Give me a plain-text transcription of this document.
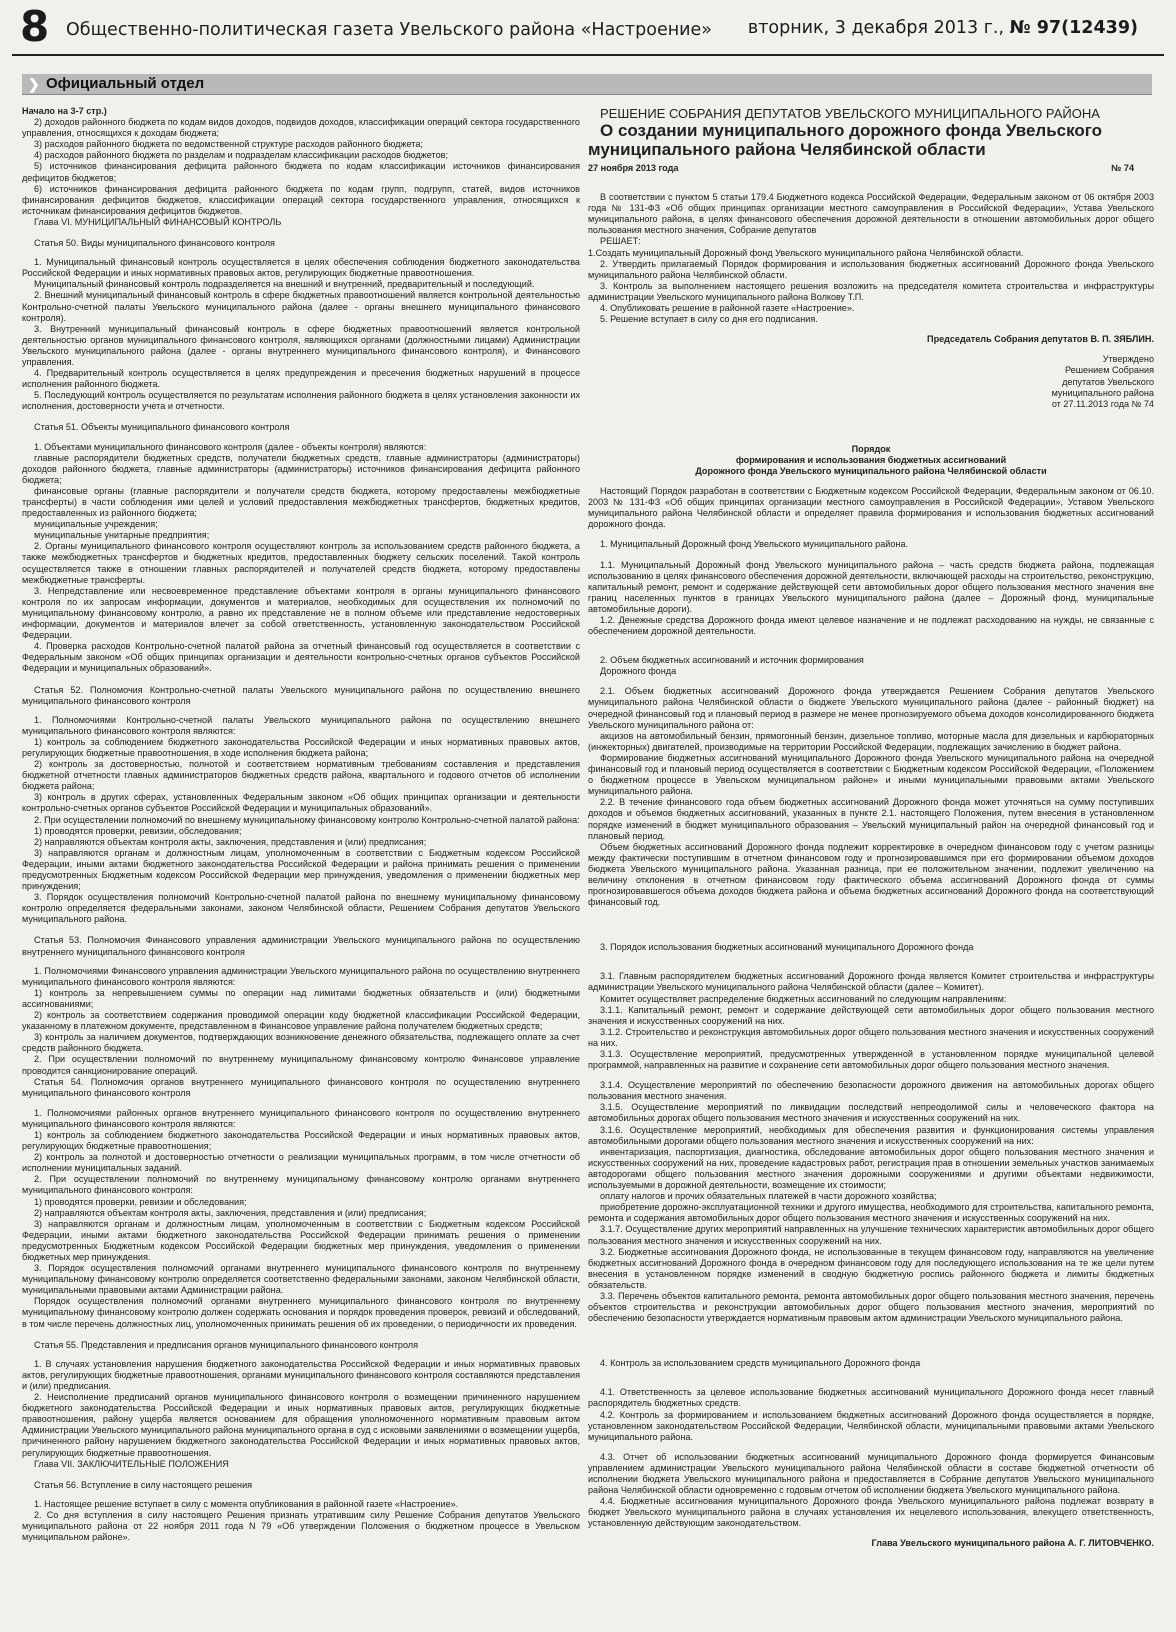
8 Общественно-политическая газета Увельского района «Настроение» вторник, 3 декабря 2013 г., № 97(12439)
❯ Официальный отдел

Начало на 3-7 стр.)

2) доходов районного бюджета по кодам видов доходов, подвидов доходов, классификации операций сектора государственного управления, относящихся к доходам бюджета;

3) расходов районного бюджета по ведомственной структуре расходов районного бюджета;

4) расходов районного бюджета по разделам и подразделам классификации расходов бюджетов;

5) источников финансирования дефицита районного бюджета по кодам классификации источников финансирования дефицитов бюджетов;

6) источников финансирования дефицита районного бюджета по кодам групп, подгрупп, статей, видов источников финансирования дефицитов бюджетов, классификации операций сектора государственного управления, относящихся к источникам финансирования дефицитов бюджетов.

Глава VI. МУНИЦИПАЛЬНЫЙ ФИНАНСОВЫЙ КОНТРОЛЬ

Статья 50. Виды муниципального финансового контроля

1. Муниципальный финансовый контроль осуществляется в целях обеспечения соблюдения бюджетного законодательства Российской Федерации и иных нормативных правовых актов, регулирующих бюджетные правоотношения.

Муниципальный финансовый контроль подразделяется на внешний и внутренний, предварительный и последующий.

2. Внешний муниципальный финансовый контроль в сфере бюджетных правоотношений является контрольной деятельностью Контрольно-счетной палаты Увельского муниципального района (далее - органы внешнего муниципального финансового контроля).

3. Внутренний муниципальный финансовый контроль в сфере бюджетных правоотношений является контрольной деятельностью органов муниципального финансового контроля, являющихся органами (должностными лицами) Администрации Увельского муниципального района (далее - органы внутреннего муниципального финансового контроля), и Финансового управления.

4. Предварительный контроль осуществляется в целях предупреждения и пресечения бюджетных нарушений в процессе исполнения районного бюджета.

5. Последующий контроль осуществляется по результатам исполнения районного бюджета в целях установления законности их исполнения, достоверности учета и отчетности.

Статья 51. Объекты муниципального финансового контроля

1. Объектами муниципального финансового контроля (далее - объекты контроля) являются:

главные распорядители бюджетных средств, получатели бюджетных средств, главные администраторы (администраторы) доходов районного бюджета, главные администраторы (администраторы) источников финансирования дефицита районного бюджета;

финансовые органы (главные распорядители и получатели средств бюджета, которому предоставлены межбюджетные трансферты) в части соблюдения ими целей и условий предоставления межбюджетных трансфертов, бюджетных кредитов, предоставленных из районного бюджета;

муниципальные учреждения;

муниципальные унитарные предприятия;

2. Органы муниципального финансового контроля осуществляют контроль за использованием средств районного бюджета, а также межбюджетных трансфертов и бюджетных кредитов, предоставленных бюджету сельских поселений. Такой контроль осуществляется также в отношении главных распорядителей и получателей средств бюджета, которому предоставлены межбюджетные трансферты.

3. Непредставление или несвоевременное представление объектами контроля в органы муниципального финансового контроля по их запросам информации, документов и материалов, необходимых для осуществления их полномочий по муниципальному финансовому контролю, а равно их представление не в полном объеме или представление недостоверных информации, документов и материалов влечет за собой ответственность, установленную законодательством Российской Федерации.

4. Проверка расходов Контрольно-счетной палатой района за отчетный финансовый год осуществляется в соответствии с Федеральным законом «Об общих принципах организации и деятельности контрольно-счетных органов субъектов Российской Федерации и муниципальных образований».

Статья 52. Полномочия Контрольно-счетной палаты Увельского муниципального района по осуществлению внешнего муниципального финансового контроля

1. Полномочиями Контрольно-счетной палаты Увельского муниципального района по осуществлению внешнего муниципального финансового контроля являются:

1) контроль за соблюдением бюджетного законодательства Российской Федерации и иных нормативных правовых актов, регулирующих бюджетные правоотношения, в ходе исполнения бюджета района;

2) контроль за достоверностью, полнотой и соответствием нормативным требованиям составления и представления бюджетной отчетности главных администраторов бюджетных средств района, квартального и годового отчетов об исполнении бюджета района;

3) контроль в других сферах, установленных Федеральным законом «Об общих принципах организации и деятельности контрольно-счетных органов субъектов Российской Федерации и муниципальных образований».

2. При осуществлении полномочий по внешнему муниципальному финансовому контролю Контрольно-счетной палатой района:

1) проводятся проверки, ревизии, обследования;

2) направляются объектам контроля акты, заключения, представления и (или) предписания;

3) направляются органам и должностным лицам, уполномоченным в соответствии с Бюджетным кодексом Российской Федерации, иными актами бюджетного законодательства Российской Федерации и района принимать решения о применении предусмотренных Бюджетным кодексом Российской Федерации мер принуждения, уведомления о применении бюджетных мер принуждения;

3. Порядок осуществления полномочий Контрольно-счетной палатой района по внешнему муниципальному финансовому контролю определяется федеральными законами, законом Челябинской области, Решением Собрания депутатов Увельского муниципального района.

Статья 53. Полномочия Финансового управления администрации Увельского муниципального района по осуществлению внутреннего муниципального финансового контроля

1. Полномочиями Финансового управления администрации Увельского муниципального района по осуществлению внутреннего муниципального финансового контроля являются:

1) контроль за непревышением суммы по операции над лимитами бюджетных обязательств и (или) бюджетными ассигнованиями;

2) контроль за соответствием содержания проводимой операции коду бюджетной классификации Российской Федерации, указанному в платежном документе, представленном в Финансовое управление района получателем бюджетных средств;

3) контроль за наличием документов, подтверждающих возникновение денежного обязательства, подлежащего оплате за счет средств районного бюджета.

2. При осуществлении полномочий по внутреннему муниципальному финансовому контролю Финансовое управление проводится санкционирование операций.

Статья 54. Полномочия органов внутреннего муниципального финансового контроля по осуществлению внутреннего муниципального финансового контроля

1. Полномочиями районных органов внутреннего муниципального финансового контроля по осуществлению внутреннего муниципального финансового контроля являются:

1) контроль за соблюдением бюджетного законодательства Российской Федерации и иных нормативных правовых актов, регулирующих бюджетные правоотношения;

2) контроль за полнотой и достоверностью отчетности о реализации муниципальных программ, в том числе отчетности об исполнении муниципальных заданий.

2. При осуществлении полномочий по внутреннему муниципальному финансовому контролю органами внутреннего муниципального финансового контроля:

1) проводятся проверки, ревизии и обследования;

2) направляются объектам контроля акты, заключения, представления и (или) предписания;

3) направляются органам и должностным лицам, уполномоченным в соответствии с Бюджетным кодексом Российской Федерации, иными актами бюджетного законодательства Российской Федерации принимать решения о применении предусмотренных Бюджетным кодексом Российской Федерации бюджетных мер принуждения, уведомления о применении бюджетных мер принуждения.

3. Порядок осуществления полномочий органами внутреннего муниципального финансового контроля по внутреннему муниципальному финансовому контролю определяется соответственно федеральными законами, законом Челябинской области, муниципальными правовыми актами Администрации района.

Порядок осуществления полномочий органами внутреннего муниципального финансового контроля по внутреннему муниципальному финансовому контролю должен содержать основания и порядок проведения проверок, ревизий и обследований, в том числе перечень должностных лиц, уполномоченных принимать решения об их проведении, о периодичности их проведения.

Статья 55. Представления и предписания органов муниципального финансового контроля

1. В случаях установления нарушения бюджетного законодательства Российской Федерации и иных нормативных правовых актов, регулирующих бюджетные правоотношения, органами муниципального финансового контроля составляются представления и (или) предписания.

2. Неисполнение предписаний органов муниципального финансового контроля о возмещении причиненного нарушением бюджетного законодательства Российской Федерации и иных нормативных правовых актов, регулирующих бюджетные правоотношения, району ущерба является основанием для обращения уполномоченного нормативным правовым актом Администрации Увельского муниципального района муниципального органа в суд с исковыми заявлениями о возмещении ущерба, причиненного району нарушением бюджетного законодательства Российской Федерации и иных нормативных правовых актов, регулирующих бюджетные правоотношения.

Глава VII. ЗАКЛЮЧИТЕЛЬНЫЕ ПОЛОЖЕНИЯ

Статья 56. Вступление в силу настоящего решения

1. Настоящее решение вступает в силу с момента опубликования в районной газете «Настроение».

2. Со дня вступления в силу настоящего Решения признать утратившим силу Решение Собрания депутатов Увельского муниципального района от 22 ноября 2011 года N 79 «Об утверждении Положения о бюджетном процессе в Увельском муниципальном районе».

РЕШЕНИЕ СОБРАНИЯ ДЕПУТАТОВ УВЕЛЬСКОГО МУНИЦИПАЛЬНОГО РАЙОНА

О создании муниципального дорожного фонда Увельского муниципального района Челябинской области

27 ноября 2013 года	№ 74

В соответствии с пунктом 5 статьи 179.4 Бюджетного кодекса Российской Федерации, Федеральным законом от 06 октября 2003 года № 131-ФЗ «Об общих принципах организации местного самоуправления в Российской Федерации», Устава Увельского муниципального района, в целях финансового обеспечения дорожной деятельности в отношении автомобильных дорог общего пользования местного значения, Собрание депутатов

РЕШАЕТ:

1.Создать муниципальный Дорожный фонд Увельского муниципального района Челябинской области.

2. Утвердить прилагаемый Порядок формирования и использования бюджетных ассигнований Дорожного фонда Увельского муниципального района Челябинской области.

3. Контроль за выполнением настоящего решения возложить на председателя комитета строительства и инфраструктуры администрации Увельского муниципального района Волкову Т.П.

4. Опубликовать решение в районной газете «Настроение».

5. Решение вступает в силу со дня его подписания.

Председатель Собрания депутатов В. П. ЗЯБЛИН.

Утверждено

Решением Собрания

депутатов Увельского

муниципального района

от 27.11.2013 года № 74

Порядок

формирования и использования бюджетных ассигнований

Дорожного фонда Увельского муниципального района Челябинской области

Настоящий Порядок разработан в соответствии с Бюджетным кодексом Российской Федерации, Федеральным законом от 06.10. 2003 № 131-ФЗ «Об общих принципах организации местного самоуправления в Российской Федерации», Уставом Увельского муниципального района Челябинской области и определяет правила формирования и использования бюджетных ассигнований дорожного фонда.

1. Муниципальный Дорожный фонд Увельского муниципального района.

1.1. Муниципальный Дорожный фонд Увельского муниципального района – часть средств бюджета района, подлежащая использованию в целях финансового обеспечения дорожной деятельности, включающей расходы на строительство, реконструкцию, капитальный ремонт, ремонт и содержание действующей сети автомобильных дорог общего пользования местного значения вне границ населенных пунктов в границах Увельского муниципального района (далее – Дорожный фонд, муниципальные автомобильные дороги).

1.2. Денежные средства Дорожного фонда имеют целевое назначение и не подлежат расходованию на нужды, не связанные с обеспечением дорожной деятельности.

2. Объем бюджетных ассигнований и источник формирования

Дорожного фонда

2.1. Объем бюджетных ассигнований Дорожного фонда утверждается Решением Собрания депутатов Увельского муниципального района Челябинской области о бюджете Увельского муниципального района (далее - районный бюджет) на очередной финансовый год и плановый период в размере не менее прогнозируемого объема доходов консолидированного бюджета Увельского муниципального района от:

акцизов на автомобильный бензин, прямогонный бензин, дизельное топливо, моторные масла для дизельных и карбюраторных (инжекторных) двигателей, производимые на территории Российской Федерации, подлежащих зачислению в бюджет района.

Формирование бюджетных ассигнований муниципального Дорожного фонда Увельского муниципального района на очередной финансовый год и плановый период осуществляется в соответствии с Бюджетным кодексом Российской Федерации, «Положением о бюджетном процессе в Увельском муниципальном районе» и иными муниципальными правовыми актами Увельского муниципального района.

2.2. В течение финансового года объем бюджетных ассигнований Дорожного фонда может уточняться на сумму поступивших доходов и объемов бюджетных ассигнований, указанных в пункте 2.1. настоящего Положения, путем внесения в установленном порядке изменений в бюджет муниципального образования – Увельский муниципальный район на очередной финансовый год и плановый период.

Объем бюджетных ассигнований Дорожного фонда подлежит корректировке в очередном финансовом году с учетом разницы между фактически поступившим в отчетном финансовом году и прогнозировавшимся при его формировании объемом доходов бюджета Увельского муниципального района. Указанная разница, при ее положительном значении, подлежит увеличению на величину отклонения в отчетном финансовом году фактического объема ассигнований Дорожного фонда от суммы прогнозировавшегося объема доходов бюджета района и объема бюджетных ассигнований Дорожного фонда на соответствующий финансовый год.

3. Порядок использования бюджетных ассигнований муниципального Дорожного фонда

3.1. Главным распорядителем бюджетных ассигнований Дорожного фонда является Комитет строительства и инфраструктуры администрации Увельского муниципального района Челябинской области (далее – Комитет).

Комитет осуществляет распределение бюджетных ассигнований по следующим направлениям:

3.1.1. Капитальный ремонт, ремонт и содержание действующей сети автомобильных дорог общего пользования местного значения и искусственных сооружений на них.

3.1.2. Строительство и реконструкция автомобильных дорог общего пользования местного значения и искусственных сооружений на них.

3.1.3. Осуществление мероприятий, предусмотренных утвержденной в установленном порядке муниципальной целевой программой, направленных на развитие и сохранение сети автомобильных дорог общего пользования местного значения.

3.1.4. Осуществление мероприятий по обеспечению безопасности дорожного движения на автомобильных дорогах общего пользования местного значения.

3.1.5. Осуществление мероприятий по ликвидации последствий непреодолимой силы и человеческого фактора на автомобильных дорогах общего пользования местного значения и искусственных сооружений на них.

3.1.6. Осуществление мероприятий, необходимых для обеспечения развития и функционирования системы управления автомобильными дорогами общего пользования местного значения и искусственных сооружений на них:

инвентаризация, паспортизация, диагностика, обследование автомобильных дорог общего пользования местного значения и искусственных сооружений на них, проведение кадастровых работ, регистрация прав в отношении земельных участков занимаемых автодорогами общего пользования местного значения дорожными сооружениями и другими объектами недвижимости, используемыми в дорожной деятельности, возмещение их стоимости;

оплату налогов и прочих обязательных платежей в части дорожного хозяйства;

приобретение дорожно-эксплуатационной техники и другого имущества, необходимого для строительства, капитального ремонта, ремонта и содержания автомобильных дорог общего пользования местного значения и искусственных сооружений на них.

3.1.7. Осуществление других мероприятий направленных на улучшение технических характеристик автомобильных дорог общего пользования местного значения и искусственных сооружений на них.

3.2. Бюджетные ассигнования Дорожного фонда, не использованные в текущем финансовом году, направляются на увеличение бюджетных ассигнований Дорожного фонда в очередном финансовом году для последующего использования на те же цели путем внесения в установленном порядке изменений в сводную бюджетную роспись районного бюджета и лимиты бюджетных обязательств.

3.3. Перечень объектов капитального ремонта, ремонта автомобильных дорог общего пользования местного значения, перечень объектов строительства и реконструкции автомобильных дорог общего пользования местного значения, мероприятий по обеспечению безопасности утверждается нормативным правовым актом администрации Увельского муниципального района.

4. Контроль за использованием средств муниципального Дорожного фонда

4.1. Ответственность за целевое использование бюджетных ассигнований муниципального Дорожного фонда несет главный распорядитель бюджетных средств.

4.2. Контроль за формированием и использованием бюджетных ассигнований Дорожного фонда осуществляется в порядке, установленном законодательством Российской Федерации, Челябинской области, муниципальными правовыми актами Увельского муниципального района.

4.3. Отчет об использовании бюджетных ассигнований муниципального Дорожного фонда формируется Финансовым управлением администрации Увельского муниципального района Челябинской области в составе бюджетной отчетности об исполнении бюджета Увельского муниципального района и предоставляется в Собрание депутатов Увельского муниципального района Челябинской области одновременно с годовым отчетом об исполнении бюджета Увельского муниципального района.

4.4. Бюджетные ассигнования муниципального Дорожного фонда Увельского муниципального района подлежат возврату в бюджет Увельского муниципального района в случаях установления их нецелевого использования, влекущего ответственность, установленную действующим законодательством.

Глава Увельского муниципального района А. Г. ЛИТОВЧЕНКО.
